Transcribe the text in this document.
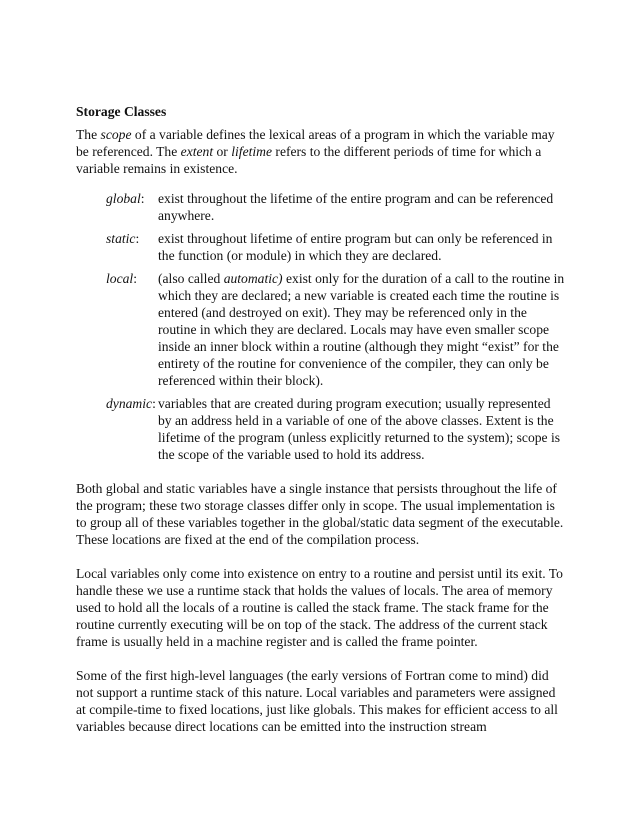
Storage Classes

The scope of a variable defines the lexical areas of a program in which the variable may be referenced. The extent or lifetime refers to the different periods of time for which a variable remains in existence.

global: exist throughout the lifetime of the entire program and can be referenced anywhere.
static:	exist throughout lifetime of entire program but can only be referenced in the function (or module) in which they are declared.
local:	(also called automatic) exist only for the duration of a call to the routine in which they are declared; a new variable is created each time the routine is entered (and destroyed on exit). They may be referenced only in the routine in which they are declared. Locals may have even smaller scope inside an inner block within a routine (although they might “exist” for the entirety of the routine for convenience of the compiler, they can only be referenced within their block).
dynamic: variables that are created during program execution; usually represented by an address held in a variable of one of the above classes. Extent is the lifetime of the program (unless explicitly returned to the system); scope is the scope of the variable used to hold its address.

Both global and static variables have a single instance that persists throughout the life of the program; these two storage classes differ only in scope. The usual implementation is to group all of these variables together in the global/static data segment of the executable. These locations are fixed at the end of the compilation process.

Local variables only come into existence on entry to a routine and persist until its exit. To handle these we use a runtime stack that holds the values of locals. The area of memory used to hold all the locals of a routine is called the stack frame. The stack frame for the routine currently executing will be on top of the stack. The address of the current stack frame is usually held in a machine register and is called the frame pointer.

Some of the first high-level languages (the early versions of Fortran come to mind) did not support a runtime stack of this nature. Local variables and parameters were assigned at compile-time to fixed locations, just like globals. This makes for efficient access to all variables because direct locations can be emitted into the instruction stream
